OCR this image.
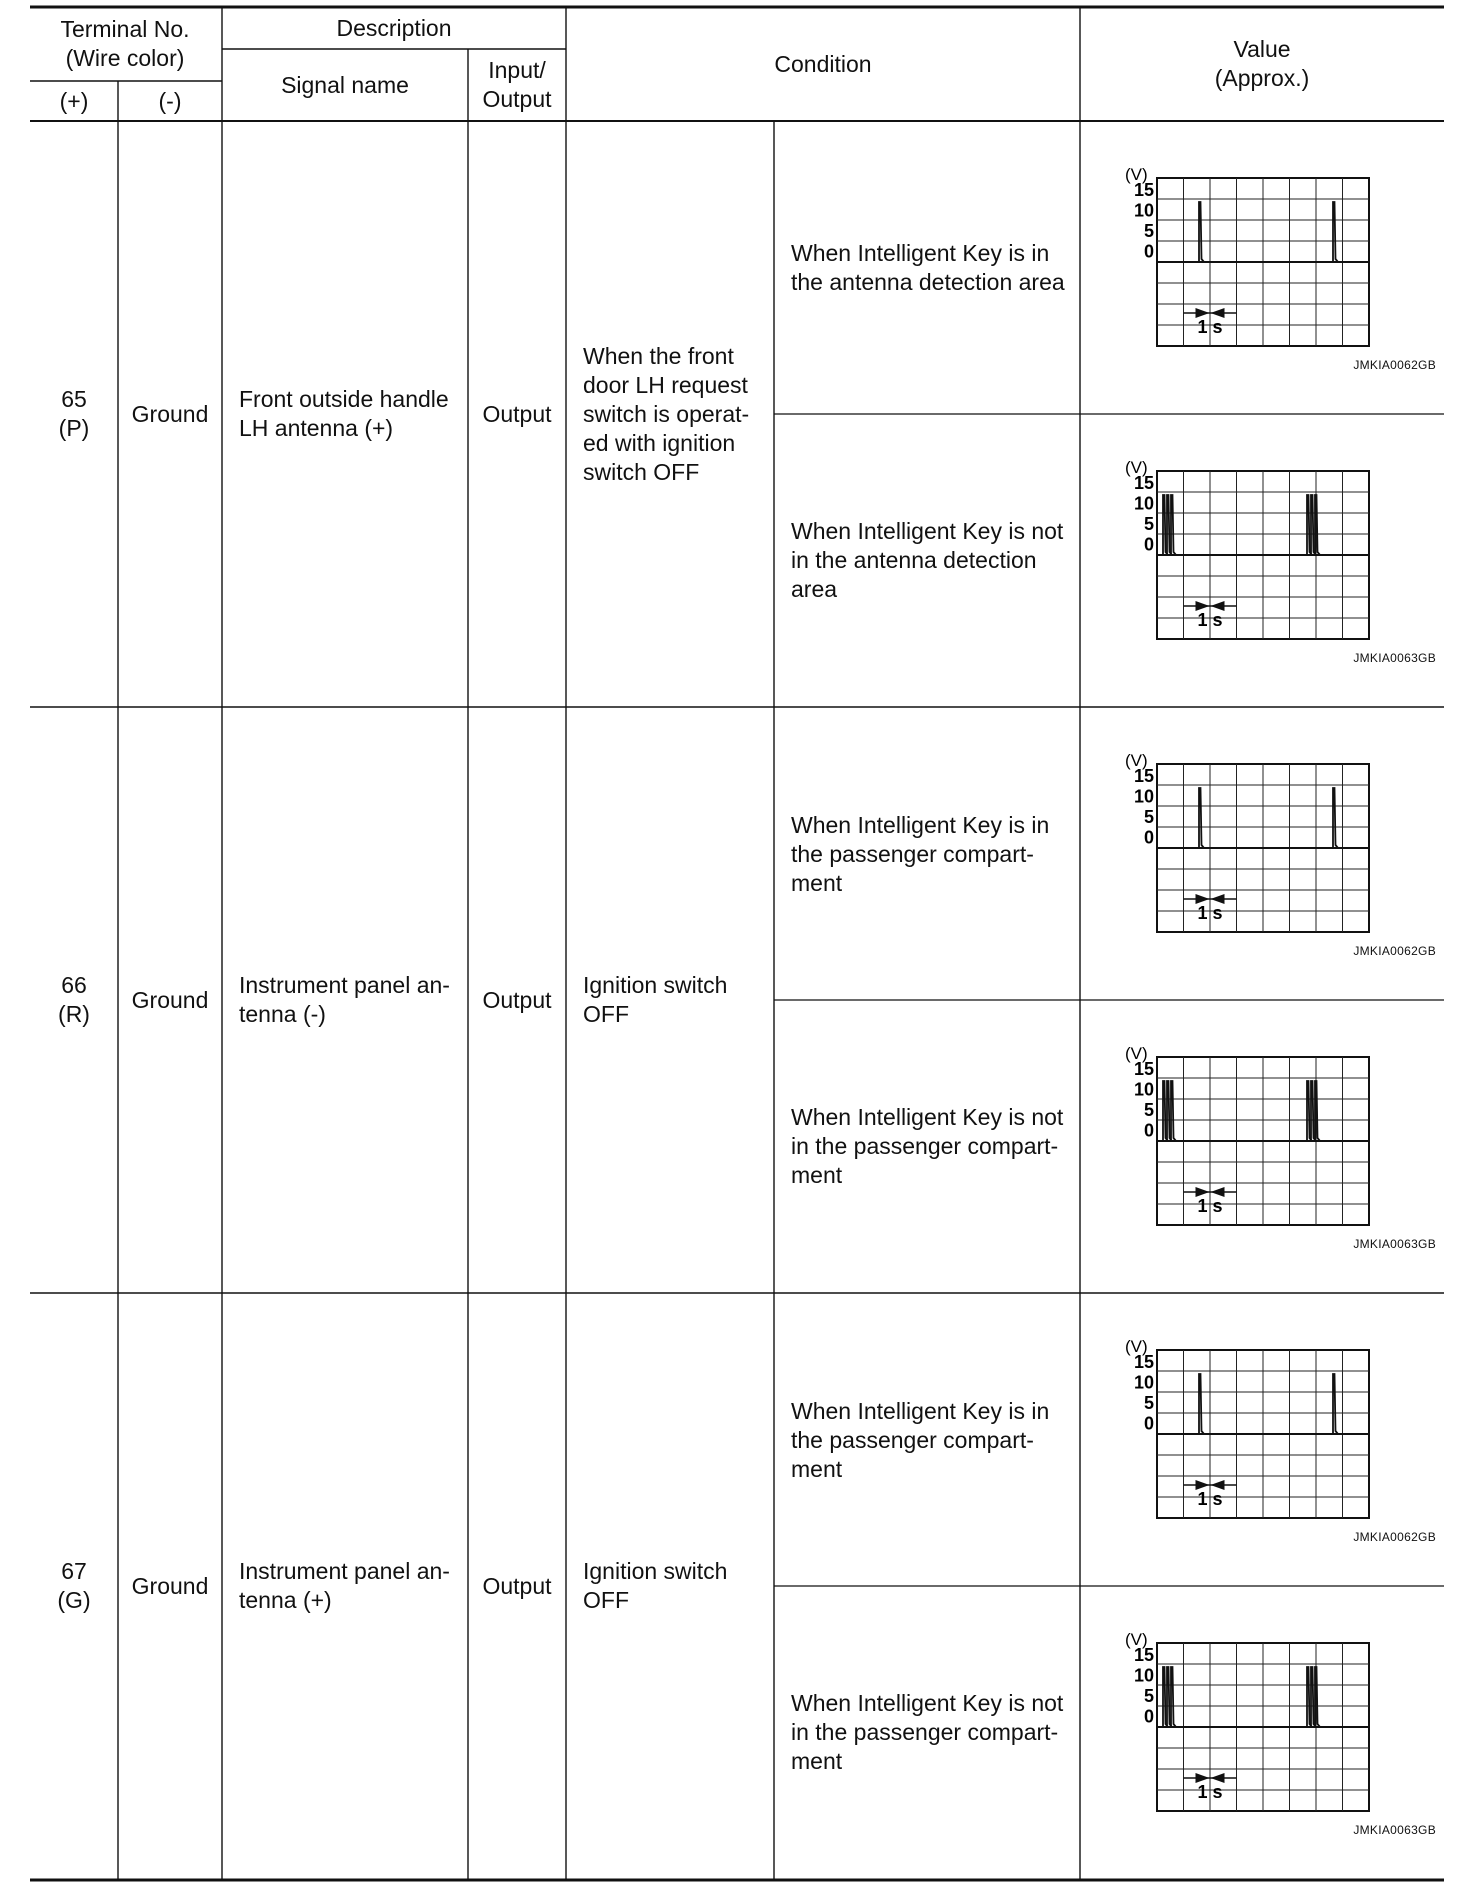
Terminal No.
(Wire color)
(+)	(-)
Description
Signal name
Input/
Output
Condition
Value
(Approx.)
65
(P)
Ground
Front outside handle
LH antenna (+)
Output
When the front
door LH request
switch is operat-
ed with ignition
switch OFF
When Intelligent Key is in
the antenna detection area
When Intelligent Key is not
in the antenna detection
area
(V)
15
10
5
0
1 s
JMKIA0062GB
(V)
15
10
5
0
1 s
JMKIA0063GB
66
(R)
Ground
Instrument panel an-
tenna (-)
Output
Ignition switch
OFF
When Intelligent Key is in
the passenger compart-
ment
When Intelligent Key is not
in the passenger compart-
ment
(V)
15
10
5
0
1 s
JMKIA0062GB
(V)
15
10
5
0
1 s
JMKIA0063GB
67
(G)
Ground
Instrument panel an-
tenna (+)
Output
Ignition switch
OFF
When Intelligent Key is in
the passenger compart-
ment
When Intelligent Key is not
in the passenger compart-
ment
(V)
15
10
5
0
1 s
JMKIA0062GB
(V)
15
10
5
0
1 s
JMKIA0063GB
